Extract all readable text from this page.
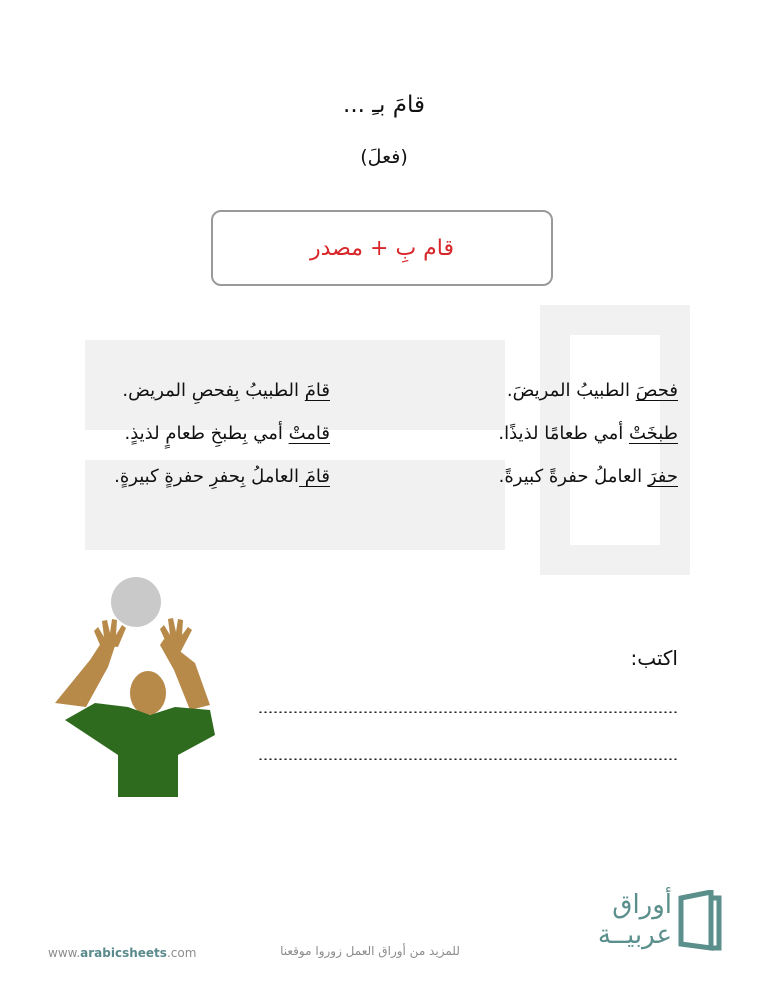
قامَ بـِ ...
(فعلَ)
قام بِ + مصدر
فحصَ الطبيبُ المريضَ.
طبخَتْ أمي طعامًا لذيذًا.
حفرَ العاملُ حفرةً كبيرةً.
قامَ الطبيبُ بِفحصِ المريض.
قامتْ أمي بِطبخِ طعامٍ لذيذٍ.
قامَ العاملُ بِحفرِ حفرةٍ كبيرةٍ.
اكتب:
www.arabicsheets.com	للمزيد من أوراق العمل زوروا موقعنا
أوراق
عربيــة
